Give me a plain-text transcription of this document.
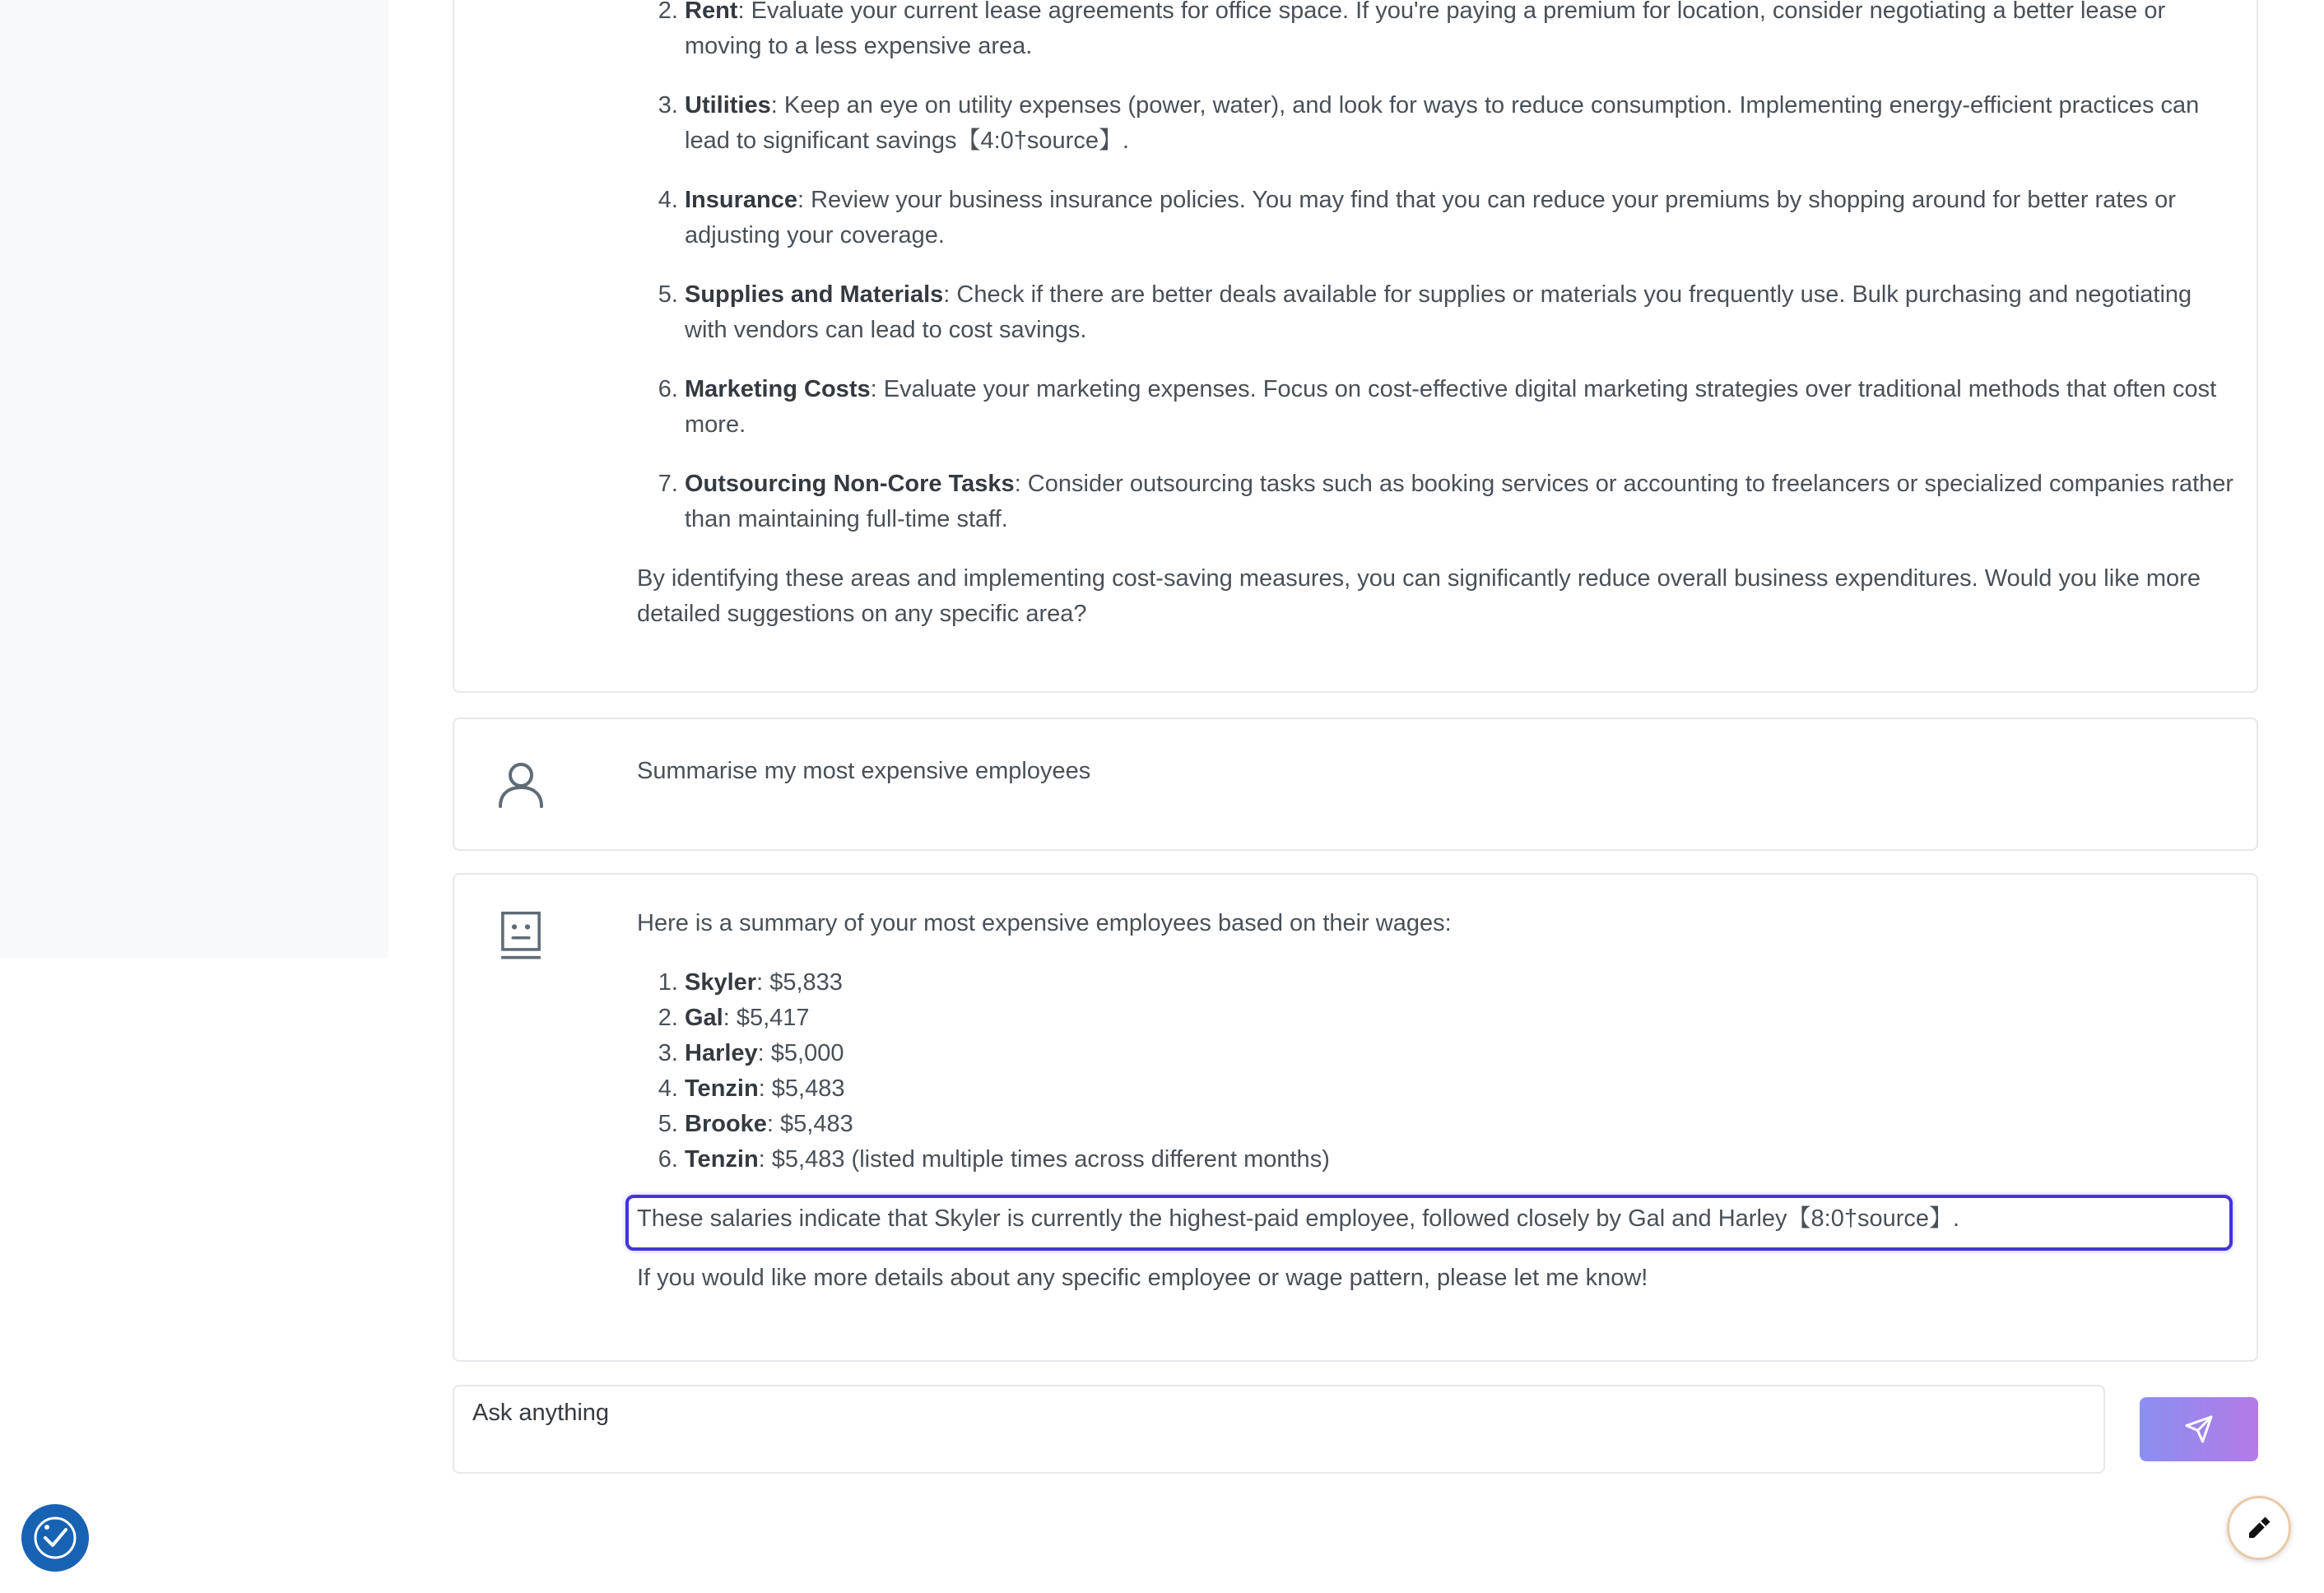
2. Rent: Evaluate your current lease agreements for office space. If you're paying a premium for location, consider negotiating a better lease or moving to a less expensive area.
3. Utilities: Keep an eye on utility expenses (power, water), and look for ways to reduce consumption. Implementing energy-efficient practices can lead to significant savings【4:0†source】.
4. Insurance: Review your business insurance policies. You may find that you can reduce your premiums by shopping around for better rates or adjusting your coverage.
5. Supplies and Materials: Check if there are better deals available for supplies or materials you frequently use. Bulk purchasing and negotiating with vendors can lead to cost savings.
6. Marketing Costs: Evaluate your marketing expenses. Focus on cost-effective digital marketing strategies over traditional methods that often cost more.
7. Outsourcing Non-Core Tasks: Consider outsourcing tasks such as booking services or accounting to freelancers or specialized companies rather than maintaining full-time staff.

By identifying these areas and implementing cost-saving measures, you can significantly reduce overall business expenditures. Would you like more detailed suggestions on any specific area?

Summarise my most expensive employees

Here is a summary of your most expensive employees based on their wages:

1. Skyler: $5,833
2. Gal: $5,417
3. Harley: $5,000
4. Tenzin: $5,483
5. Brooke: $5,483
6. Tenzin: $5,483 (listed multiple times across different months)

These salaries indicate that Skyler is currently the highest-paid employee, followed closely by Gal and Harley【8:0†source】.

If you would like more details about any specific employee or wage pattern, please let me know!

Ask anything
